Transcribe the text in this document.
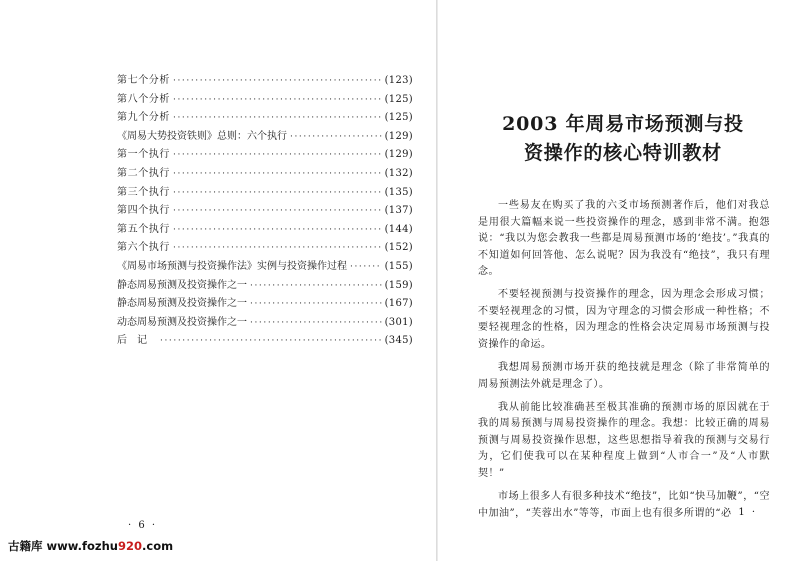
第七个分析 ·····	(123)
第八个分析 ·····	(125)
第九个分析 ·····	(125)
《周易大势投资铁则》总则：六个执行 ·····	(129)
第一个执行 ·····	(129)
第二个执行 ·····	(132)
第三个执行 ·····	(135)
第四个执行 ·····	(137)
第五个执行 ·····	(144)
第六个执行 ·····	(152)
《周易市场预测与投资操作法》实例与投资操作过程 ·····	(155)
静态周易预测及投资操作之一 ·····	(159)
静态周易预测及投资操作之一 ·····	(167)
动态周易预测及投资操作之一 ·····	(301)
后记 ·····	(345)
· 6 ·
2003 年周易市场预测与投
资操作的核心特训教材

一些易友在购买了我的六爻市场预测著作后，他们对我总是用很大篇幅来说一些投资操作的理念，感到非常不满。抱怨说：“我以为您会教我一些都是周易预测市场的‘绝技’。”我真的不知道如何回答他、怎么说呢？因为我没有“绝技”，我只有理念。

不要轻视预测与投资操作的理念，因为理念会形成习惯；不要轻视理念的习惯，因为守理念的习惯会形成一种性格；不要轻视理念的性格，因为理念的性格会决定周易市场预测与投资操作的命运。

我想周易预测市场开获的绝技就是理念（除了非常简单的周易预测法外就是理念了）。

我从前能比较准确甚至极其准确的预测市场的原因就在于我的周易预测与周易投资操作的理念。我想：比较正确的周易预测与周易投资操作思想，这些思想指导着我的预测与交易行为，它们使我可以在某种程度上做到“人市合一”及“人市默契！”

市场上很多人有很多种技术“绝技”，比如“快马加鞭”，“空中加油”，“芙蓉出水”等等，市面上也有很多所谓的“必

· 1 ·
古籍库 www.fozhu920.com
